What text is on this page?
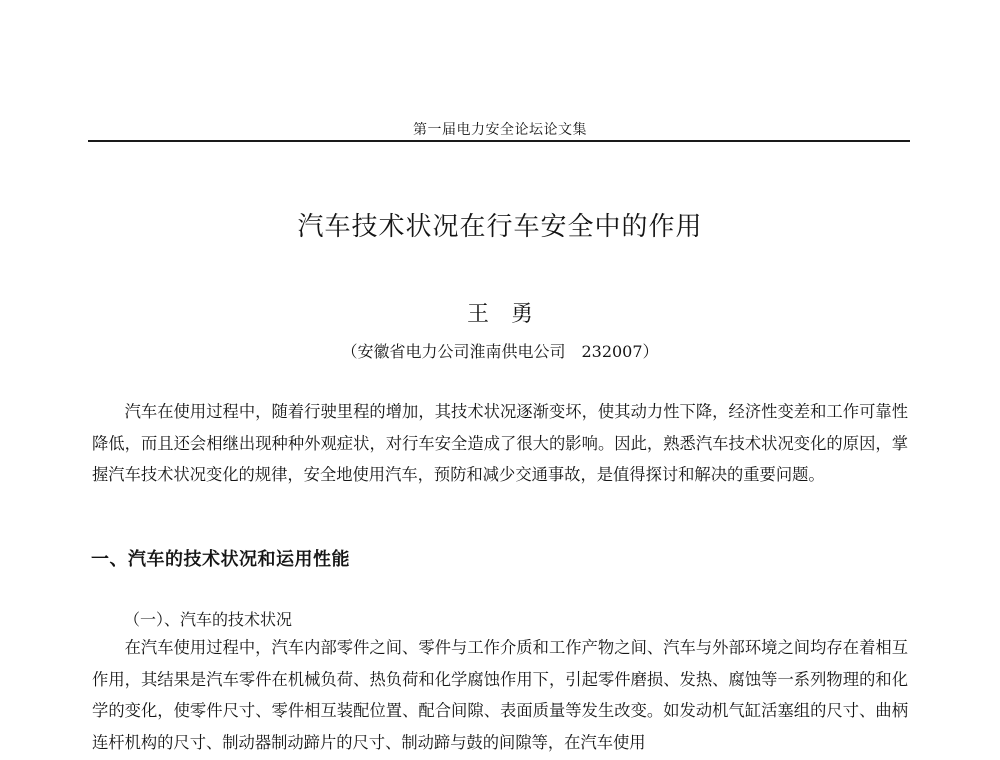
第一届电力安全论坛论文集
汽车技术状况在行车安全中的作用
王勇
（安徽省电力公司淮南供电公司　232007）

汽车在使用过程中，随着行驶里程的增加，其技术状况逐渐变坏，使其动力性下降，经济性变差和工作可靠性降低，而且还会相继出现种种外观症状，对行车安全造成了很大的影响。因此，熟悉汽车技术状况变化的原因，掌握汽车技术状况变化的规律，安全地使用汽车，预防和减少交通事故，是值得探讨和解决的重要问题。

一、汽车的技术状况和运用性能
（一）、汽车的技术状况

在汽车使用过程中，汽车内部零件之间、零件与工作介质和工作产物之间、汽车与外部环境之间均存在着相互作用，其结果是汽车零件在机械负荷、热负荷和化学腐蚀作用下，引起零件磨损、发热、腐蚀等一系列物理的和化学的变化，使零件尺寸、零件相互装配位置、配合间隙、表面质量等发生改变。如发动机气缸活塞组的尺寸、曲柄连杆机构的尺寸、制动器制动蹄片的尺寸、制动蹄与鼓的间隙等，在汽车使用
